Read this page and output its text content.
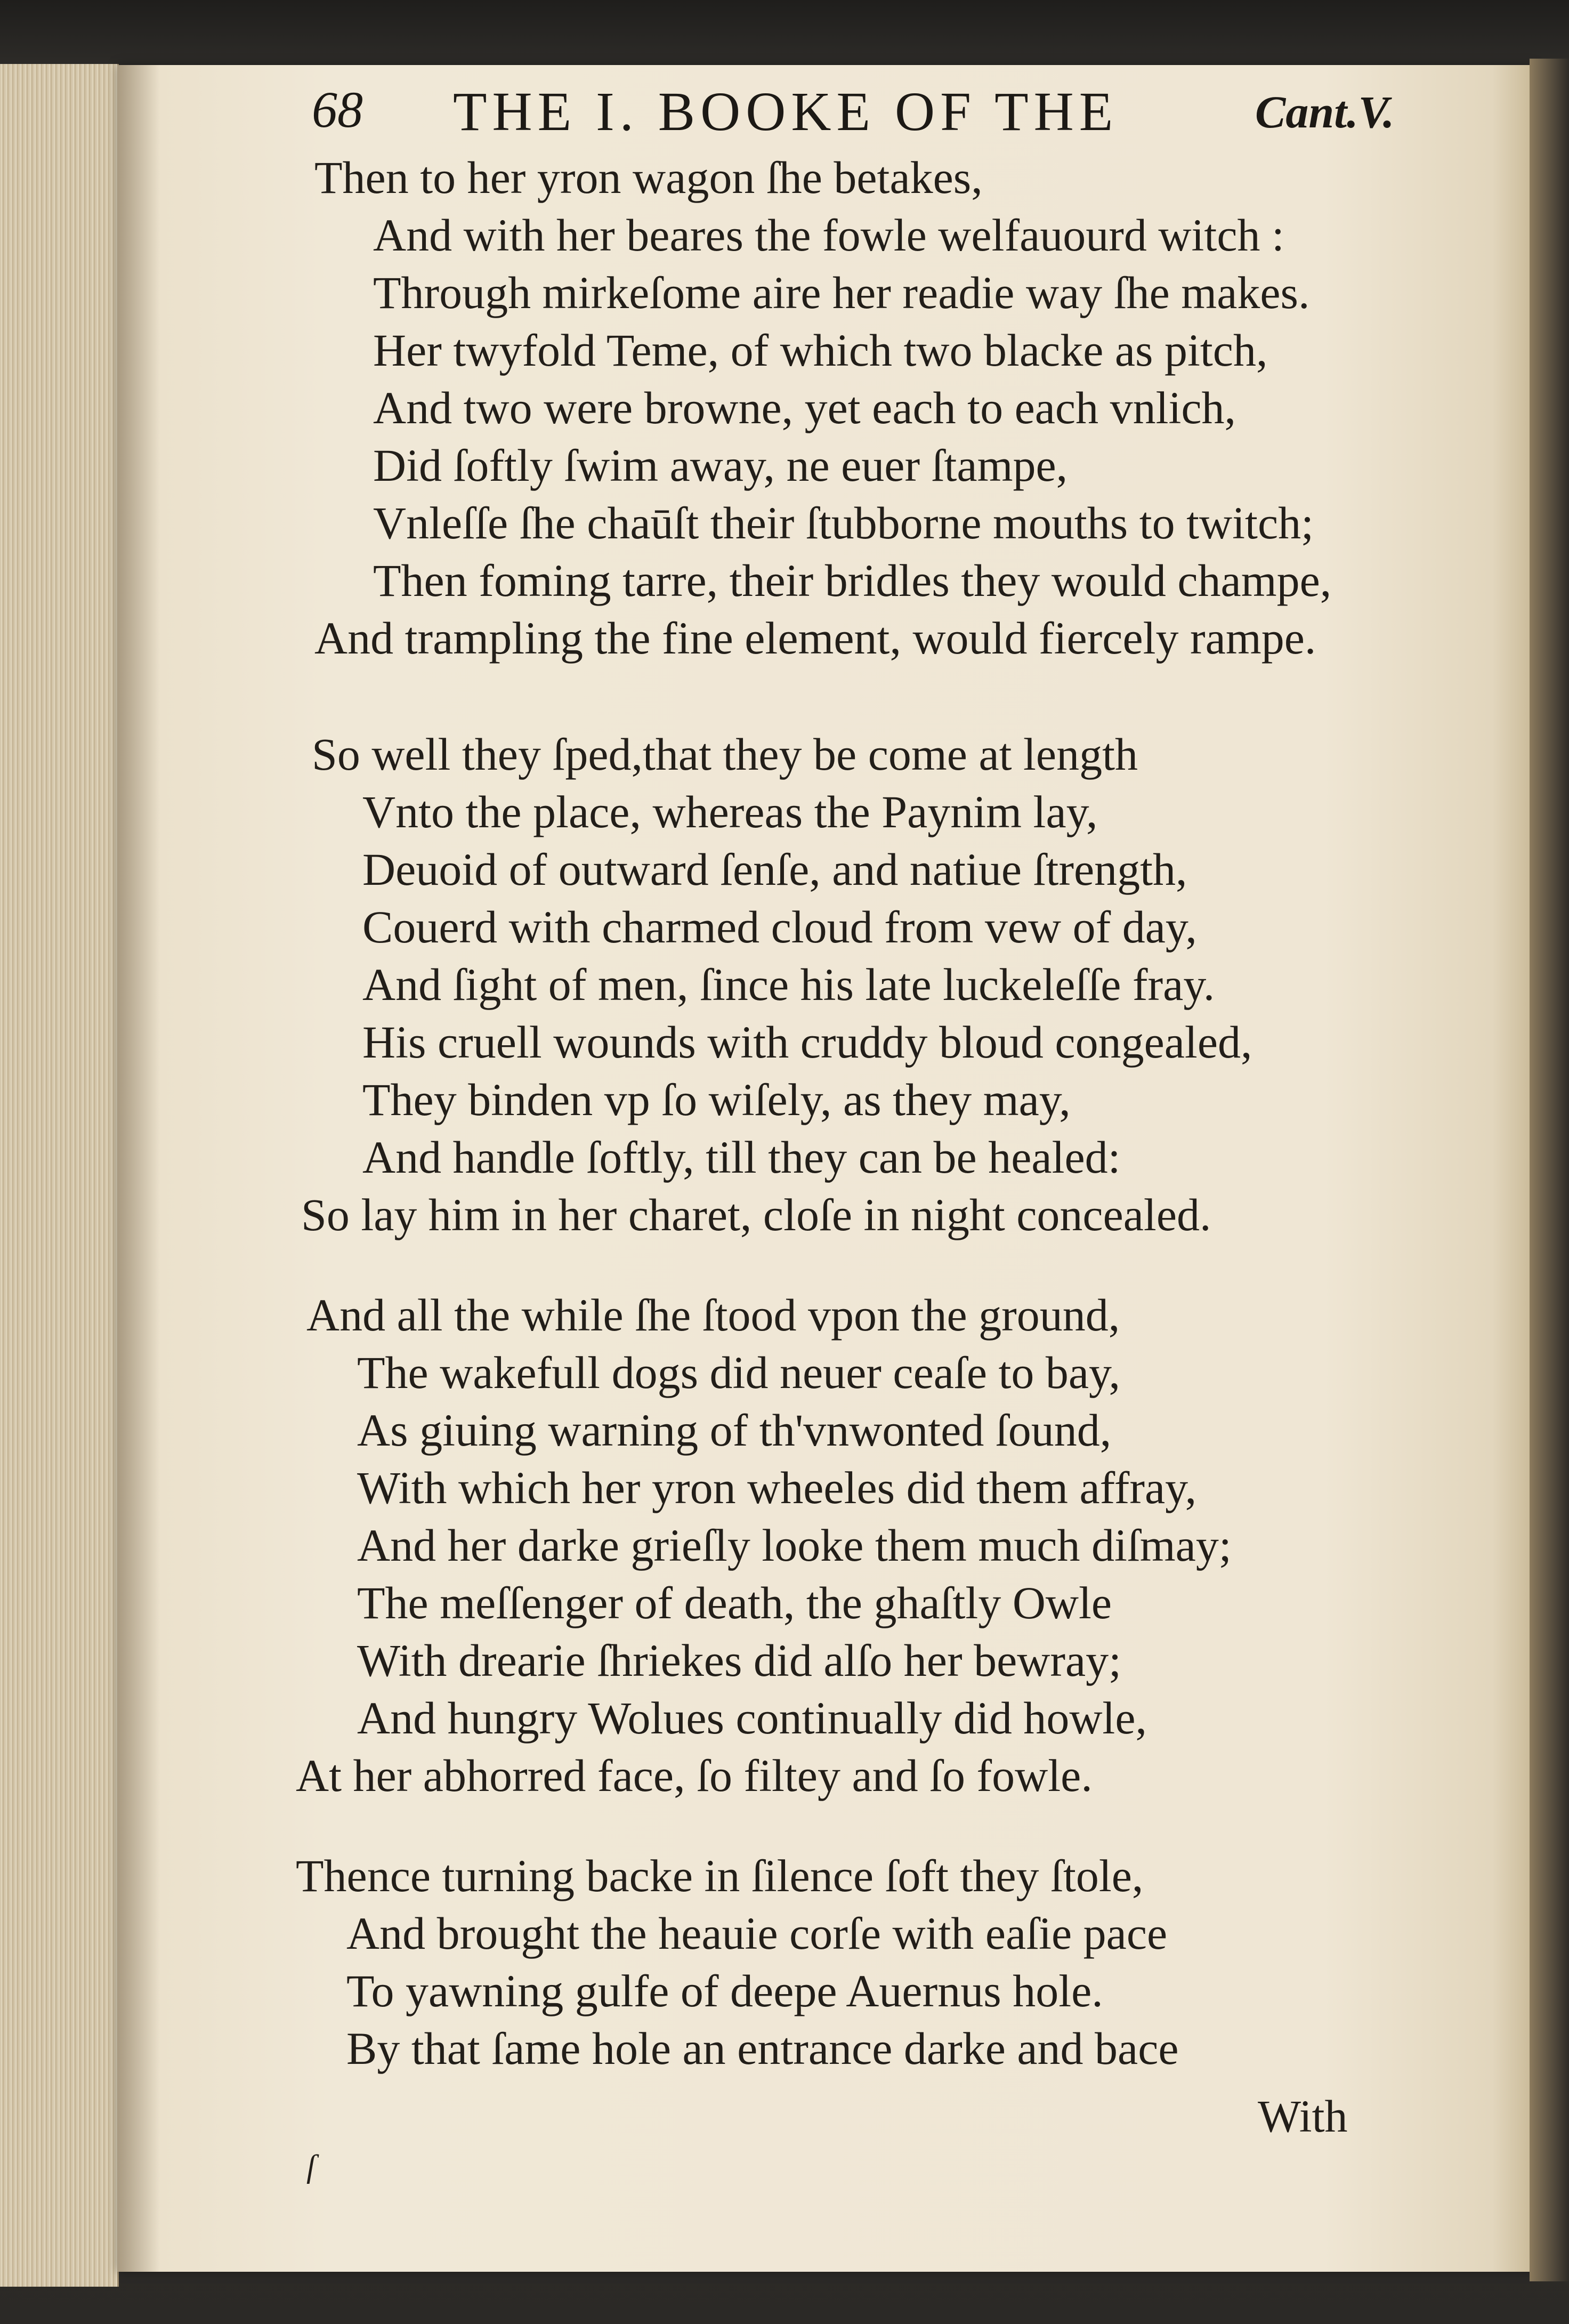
68 THE I. BOOKE OF THE	Cant.V.
Then to her yron wagon ſhe betakes,
And with her beares the fowle welfauourd witch :
Through mirkeſome aire her readie way ſhe makes.
Her twyfold Teme, of which two blacke as pitch,
And two were browne, yet each to each vnlich,
Did ſoftly ſwim away, ne euer ſtampe,
Vnleſſe ſhe chaūſt their ſtubborne mouths to twitch;
Then foming tarre, their bridles they would champe,
And trampling the fine element, would fiercely rampe.
So well they ſped,that they be come at length
Vnto the place, whereas the Paynim lay,
Deuoid of outward ſenſe, and natiue ſtrength,
Couerd with charmed cloud from vew of day,
And ſight of men, ſince his late luckeleſſe fray.
His cruell wounds with cruddy bloud congealed,
They binden vp ſo wiſely, as they may,
And handle ſoftly, till they can be healed:
So lay him in her charet, cloſe in night concealed.
And all the while ſhe ſtood vpon the ground,
The wakefull dogs did neuer ceaſe to bay,
As giuing warning of th'vnwonted ſound,
With which her yron wheeles did them affray,
And her darke grieſly looke them much diſmay;
The meſſenger of death, the ghaſtly Owle
With drearie ſhriekes did alſo her bewray;
And hungry Wolues continually did howle,
At her abhorred face, ſo filtey and ſo fowle.
Thence turning backe in ſilence ſoft they ſtole,
And brought the heauie corſe with eaſie pace
To yawning gulfe of deepe Auernus hole.
By that ſame hole an entrance darke and bace
With
ſ
